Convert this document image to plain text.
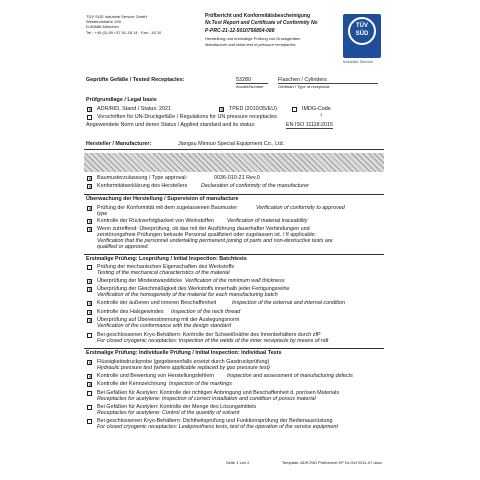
TÜV SÜD Industrie Service GmbH
Westendstraße 199
D-80686 München
Tel.: +49 (0) 89 / 57 91-18 14 · Fax: -18 10
Prüfbericht und Konformitätsbescheinigung
Nr.Test Report and Certificate of Conformity No
P-PRC-21-12-5010756854-088
Herstellung und erstmalige Prüfung von Druckgeräten
Manufacture and initial test of pressure receptacles
TÜV
SÜD
Industrie Service
Geprüfte Gefäße / Tested Receptacles:	53280	Flaschen / Cylinders
Anzahl/Number	Gefäßart / Type of receptacle
Prüfgrundlage / Legal basis
✕
ADR/RID, Stand / Status: 2021
✕	TPED (2010/35/EU)	IMDG-Code
Vorschriften für UN-Druckgefäße / Regulations for UN pressure receptacles	1
Angewendete Norm und deren Status / Applied standard and its status:	EN ISO 11118:2015
Hersteller / Manufacturer:	Jiangsu Minnuo Special Equipment Co., Ltd.
✕
Baumusterzulassung / Type approval:	0036-010-21 Rev.0
✕
Konformitätserklärung des Herstellers	Declaration of conformity of the manufacturer
Überwachung der Herstellung / Supervision of manufacture
✕
Prüfung der Konformität mit dem zugelassenen Baumuster	Verification of conformity to approved
type
✕
Kontrolle der Rückverfolgbarkeit von Werkstoffen Verification of material traceability
✕
Wenn zutreffend: Überprüfung, ob das mit der Ausführung dauerhafter Verbindungen und
zerstörungsfreie Prüfungen betraute Personal qualifiziert oder zugelassen ist. / If applicable:
Verification that the personnel undertaking permanent joining of parts and non-destructive tests are
qualified or approved.
Erstmalige Prüfung: Losprüfung / Initial Inspection: Batchtests
Prüfung der mechanischen Eigenschaften des Werkstoffs
Testing of the mechanical characteristics of the material
✕
Überprüfung der Mindestwanddicke Verification of the minimum wall thickness
✕
Überprüfung der Gleichmäßigkeit des Werkstoffs innerhalb jeder Fertigungsreihe
Verification of the homogeneity of the material for each manufacturing batch
✕
Kontrolle der äußeren und inneren Beschaffenheit	Inspection of the external and internal condition
✕
Kontrolle des Halsgewindes Inspection of the neck thread
✕
Überprüfung auf Übereinstimmung mit der Auslegungsnorm
Verification of the conformance with the design standard
Bei geschlossenen Kryo-Behältern: Kontrolle der Schweißnähte des Innenbehälters durch zfP
For closed cryogenic receptacles: Inspection of the welds of the inner receptacle by means of ndt
Erstmalige Prüfung: Individuelle Prüfung / Initial Inspection: Individual Tests
✕
Flüssigkeitsdruckprobe (gegebenenfalls ersetzt durch Gasdruckprüfung)
Hydraulic pressure test (where applicable replaced by gas pressure test)
✕
Kontrolle und Bewertung von Herstellungsfehlern Inspection and assessment of manufacturing defects
✕
Kontrolle der Kennzeichnung Inspection of the markings
Bei Gefäßen für Acetylen: Kontrolle der richtigen Anbringung und Beschaffenheit d. porösen Materials
Receptacles for acetylene: Inspection of correct installation and condition of porous material
Bei Gefäßen für Acetylen: Kontrolle der Menge des Lösungsmittels
Receptacles for acetylene: Control of the quantity of solvent
Bei geschlossenen Kryo-Behältern: Dichtheitsprüfung und Funktionsprüfung der Bedienausrüstung
For closed cryogenic receptacles: Leakproofness tests, test of the operation of the service equipment
Seite 1 von 2	Template: ADR-RID Prüfbericht EP Dr-Gef 2011-07.docx
